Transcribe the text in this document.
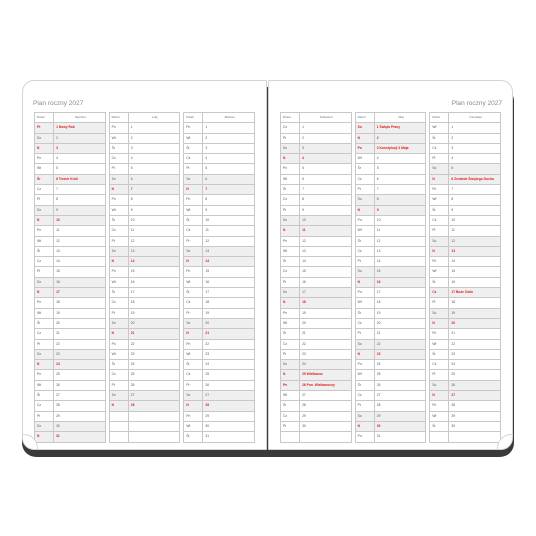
Plan roczny 2027
Dzień	Styczeń
Pt	1 Nowy Rok
So	2
N	3
Pn	4
Wt	5
Śr	6 Trzech Króli
Cz	7
Pt	8
So	9
N	10
Pn	11
Wt	12
Śr	13
Cz	14
Pt	15
So	16
N	17
Pn	18
Wt	19
Śr	20
Cz	21
Pt	22
So	23
N	24
Pn	25
Wt	26
Śr	27
Cz	28
Pt	29
So	30
N	31
Dzień	Luty
Pn	1
Wt	2
Śr	3
Cz	4
Pt	5
So	6
N	7
Pn	8
Wt	9
Śr	10
Cz	11
Pt	12
So	13
N	14
Pn	15
Wt	16
Śr	17
Cz	18
Pt	19
So	20
N	21
Pn	22
Wt	23
Śr	24
Cz	25
Pt	26
So	27
N	28

Dzień	Marzec
Pn	1
Wt	2
Śr	3
Cz	4
Pt	5
So	6
N	7
Pn	8
Wt	9
Śr	10
Cz	11
Pt	12
So	13
N	14
Pn	15
Wt	16
Śr	17
Cz	18
Pt	19
So	20
N	21
Pn	22
Wt	23
Śr	24
Cz	25
Pt	26
So	27
N	28
Pn	29
Wt	30
Śr	31
Plan roczny 2027
Dzień	Kwiecień
Cz	1
Pt	2
So	3
N	4
Pn	5
Wt	6
Śr	7
Cz	8
Pt	9
So	10
N	11
Pn	12
Wt	13
Śr	14
Cz	15
Pt	16
So	17
N	18
Pn	19
Wt	20
Śr	21
Cz	22
Pt	23
So	24
N	25 Wielkanoc
Pn	26 Pon. Wielkanocny
Wt	27
Śr	28
Cz	29
Pt	30

Dzień	Maj
So	1 Święto Pracy
N	2
Pn	3 Konstytucji 3 Maja
Wt	4
Śr	5
Cz	6
Pt	7
So	8
N	9
Pn	10
Wt	11
Śr	12
Cz	13
Pt	14
So	15
N	16
Pn	17
Wt	18
Śr	19
Cz	20
Pt	21
So	22
N	23
Pn	24
Wt	25
Śr	26
Cz	27
Pt	28
So	29
N	30
Pn	31
Dzień	Czerwiec
Wt	1
Śr	2
Cz	3
Pt	4
So	5
N	6 Zesłanie Świętego Ducha
Pn	7
Wt	8
Śr	9
Cz	10
Pt	11
So	12
N	13
Pn	14
Wt	15
Śr	16
Cz	17 Boże Ciało
Pt	18
So	19
N	20
Pn	21
Wt	22
Śr	23
Cz	24
Pt	25
So	26
N	27
Pn	28
Wt	29
Śr	30
